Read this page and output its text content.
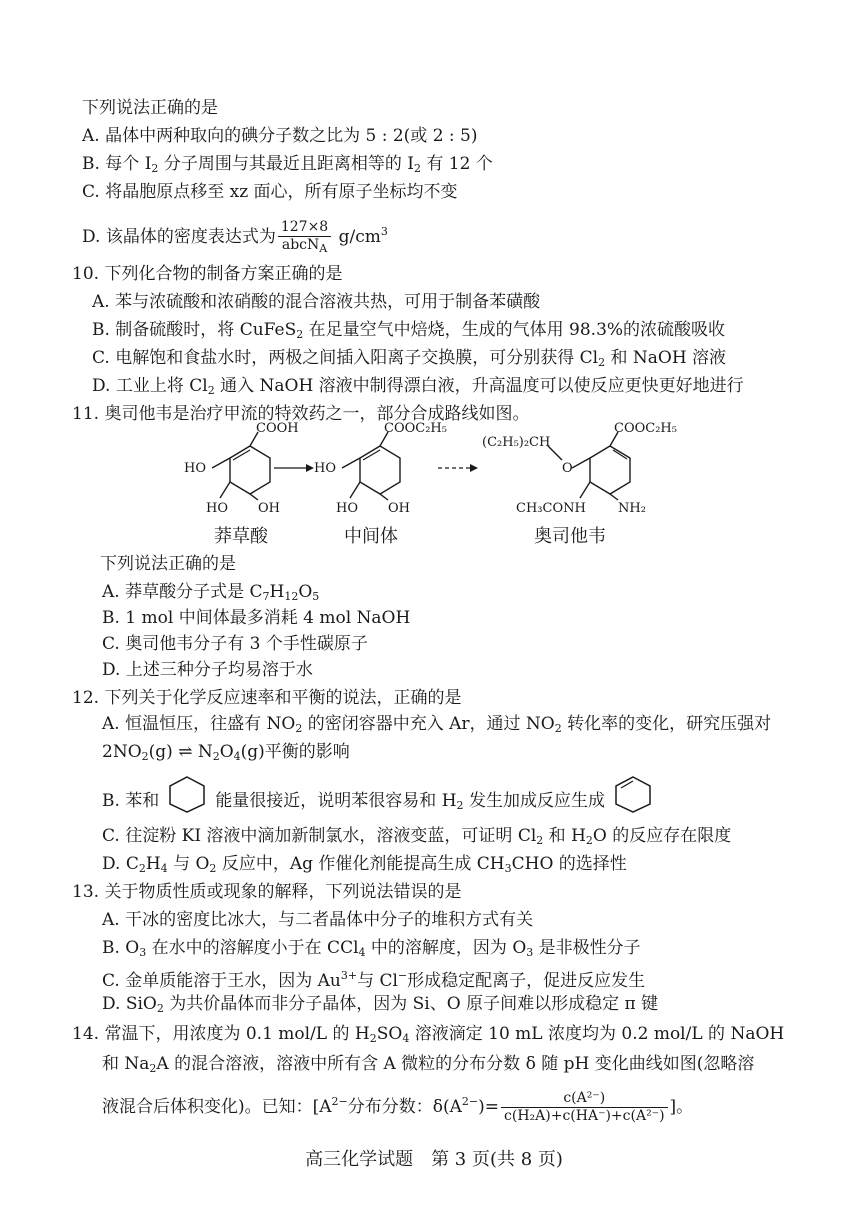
下列说法正确的是
A. 晶体中两种取向的碘分子数之比为 5 : 2(或 2 : 5)
B. 每个 $I_2$ 分子周围与其最近且距离相等的 $I_2$ 有 12 个
C. 将晶胞原点移至 xz 面心，所有原子坐标均不变
D. 该晶体的密度表达式为 $\frac{127\times 8}{abcN_A} g/cm^3$
10. 下列化合物的制备方案正确的是
A. 苯与浓硫酸和浓硝酸的混合溶液共热，可用于制备苯磺酸
B. 制备硫酸时，将 CuFeS$_2$ 在足量空气中焙烧，生成的气体用 98.3%的浓硫酸吸收
C. 电解饱和食盐水时，两极之间插入阳离子交换膜，可分别获得 $Cl_2$ 和 NaOH 溶液
D. 工业上将 $Cl_2$ 通入 NaOH 溶液中制得漂白液，升高温度可以使反应更快更好地进行
11. 奥司他韦是治疗甲流的特效药之一，部分合成路线如图。
COOH
HO
HO OH
COOC₂H₅
HO
HO OH
COOC₂H₅
O
(C₂H₅)₂CH
CH₃CONH NH₂
莽草酸	中间体	奥司他韦
下列说法正确的是
A. 莽草酸分子式是 $C_7H_{12}O_5$
B. 1 mol 中间体最多消耗 4 mol NaOH
C. 奥司他韦分子有 3 个手性碳原子
D. 上述三种分子均易溶于水
12. 下列关于化学反应速率和平衡的说法，正确的是
A. 恒温恒压，往盛有 $NO_2$ 的密闭容器中充入 Ar，通过 $NO_2$ 转化率的变化，研究压强对
$2NO_2(g)$ ⇌ $N_2O_4(g)$平衡的影响
B. 苯和	能量很接近，说明苯很容易和 $H_2$ 发生加成反应生成
C. 往淀粉 KI 溶液中滴加新制氯水，溶液变蓝，可证明 $Cl_2$ 和 $H_2O$ 的反应存在限度
D. $C_2H_4$ 与 $O_2$ 反应中，Ag 作催化剂能提高生成 $CH_3CHO$ 的选择性
13. 关于物质性质或现象的解释，下列说法错误的是
A. 干冰的密度比冰大，与二者晶体中分子的堆积方式有关
B. $O_3$ 在水中的溶解度小于在 CCl$_4$ 中的溶解度，因为 $O_3$ 是非极性分子
C. 金单质能溶于王水，因为 $Au^{3+}$与 Cl−形成稳定配离子，促进反应发生
D. SiO$_2$ 为共价晶体而非分子晶体，因为 Si、O 原子间难以形成稳定 π 键
14. 常温下，用浓度为 0.1 mol/L 的 $H_2SO_4$ 溶液滴定 10 mL 浓度均为 0.2 mol/L 的 NaOH
和 $Na_2A$ 的混合溶液，溶液中所有含 A 微粒的分布分数 δ 随 pH 变化曲线如图(忽略溶
液混合后体积变化)。已知：[$A^{2-}$分布分数：$\delta(A^{2-})= \frac{\text{c(A²⁻)}}{\text{c(H₂A)+c(HA⁻)+c(A²⁻)}}$ ]。
高三化学试题　第 3 页(共 8 页)
